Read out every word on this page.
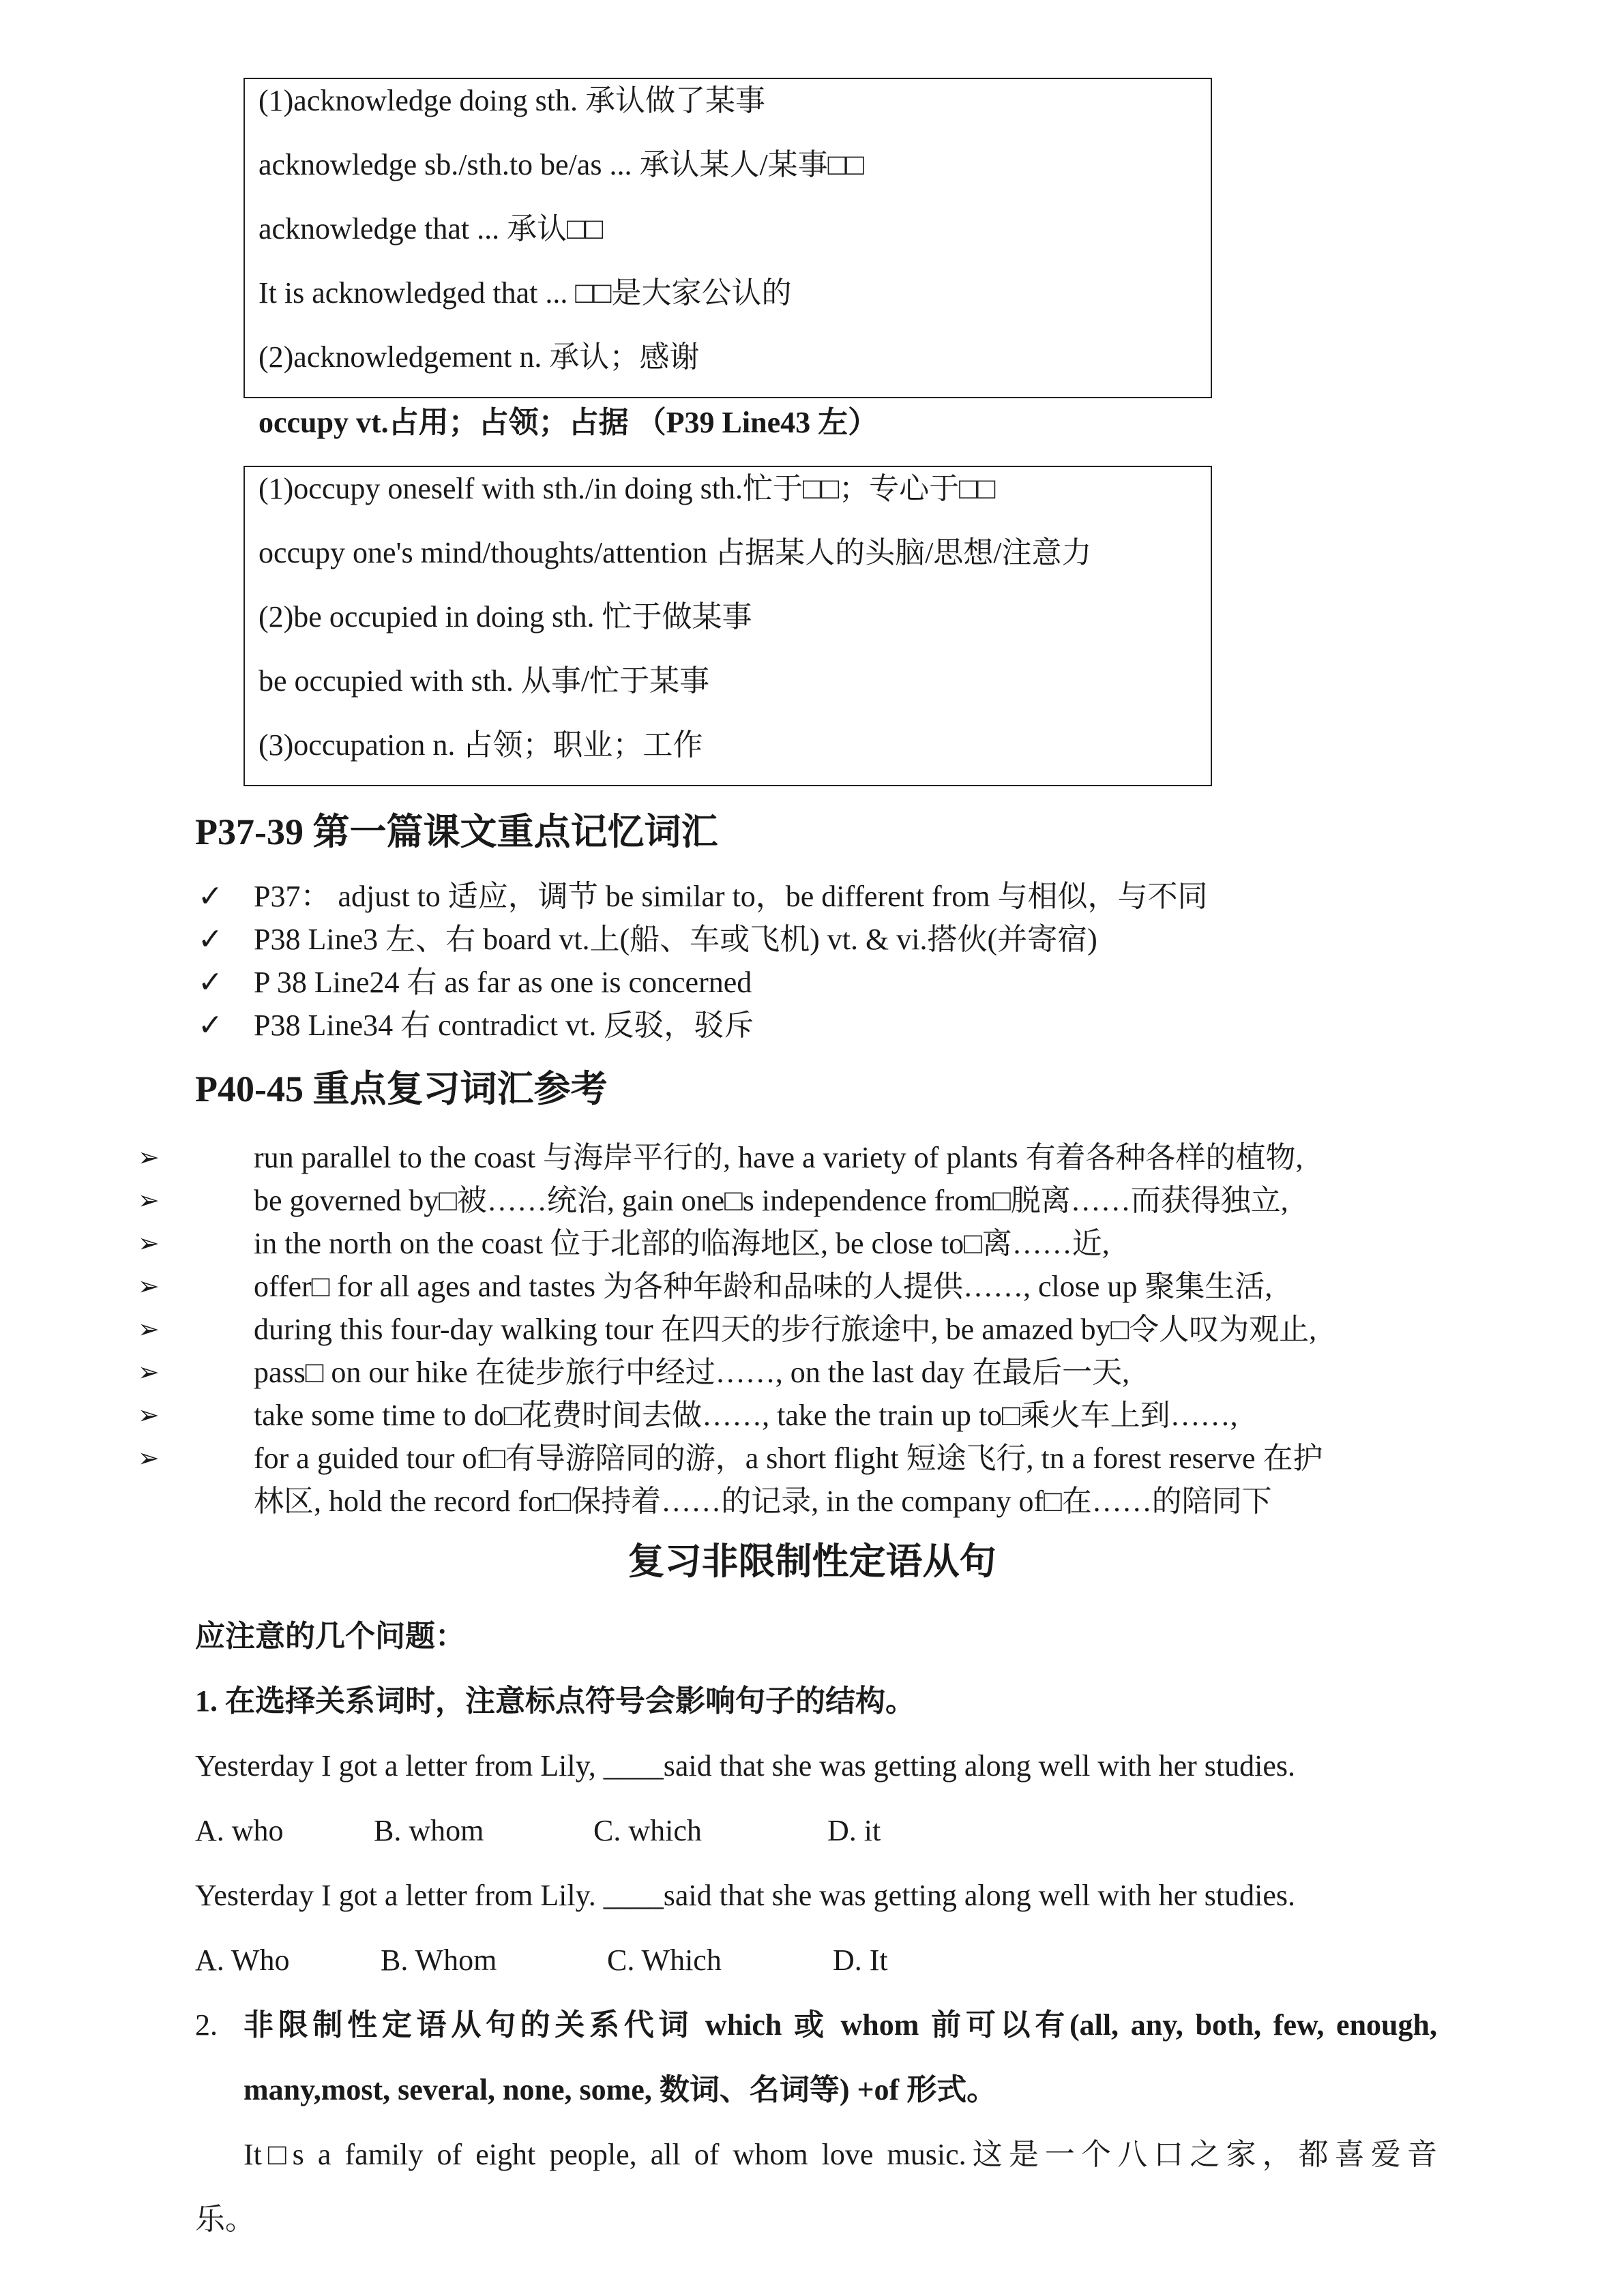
(1)acknowledge doing sth. 承认做了某事
acknowledge sb./sth.to be/as ... 承认某人/某事□□
acknowledge that ... 承认□□
It is acknowledged that ... □□是大家公认的
(2)acknowledgement n. 承认；感谢
occupy vt.占用；占领；占据 （P39 Line43 左）
(1)occupy oneself with sth./in doing sth.忙于□□；专心于□□
occupy one's mind/thoughts/attention 占据某人的头脑/思想/注意力
(2)be occupied in doing sth. 忙于做某事
be occupied with sth. 从事/忙于某事
(3)occupation n. 占领；职业；工作
P37-39 第一篇课文重点记忆词汇
✓ P37： adjust to 适应，调节 be similar to，be different from 与相似，与不同
✓ P38 Line3 左、右 board vt.上(船、车或飞机) vt. & vi.搭伙(并寄宿)
✓ P 38 Line24 右 as far as one is concerned
✓ P38 Line34 右 contradict vt. 反驳，驳斥
P40-45 重点复习词汇参考
➢	run parallel to the coast 与海岸平行的, have a variety of plants 有着各种各样的植物,
➢	be governed by□被……统治, gain one□s independence from□脱离……而获得独立,
➢	in the north on the coast 位于北部的临海地区, be close to□离……近,
➢	offer□ for all ages and tastes 为各种年龄和品味的人提供……, close up 聚集生活,
➢	during this four-day walking tour 在四天的步行旅途中, be amazed by□令人叹为观止,
➢	pass□ on our hike 在徒步旅行中经过……, on the last day 在最后一天,
➢	take some time to do□花费时间去做……, take the train up to□乘火车上到……,
➢	for a guided tour of□有导游陪同的游，a short flight 短途飞行, tn a forest reserve 在护
林区, hold the record for□保持着……的记录, in the company of□在……的陪同下
复习非限制性定语从句
应注意的几个问题：
1. 在选择关系词时，注意标点符号会影响句子的结构。
Yesterday I got a letter from Lily, ____said that she was getting along well with her studies.
A. who	B. whom	C. which	D. it
Yesterday I got a letter from Lily. ____said that she was getting along well with her studies.
A. Who	B. Whom	C. Which	D. It
2. 非限制性定语从句的关系代词 which 或 whom 前可以有(all, any, both, few, enough,
many,most, several, none, some, 数词、名词等) +of 形式。
It□s a family of eight people, all of whom love music.这是一个八口之家，都喜爱音
乐。
